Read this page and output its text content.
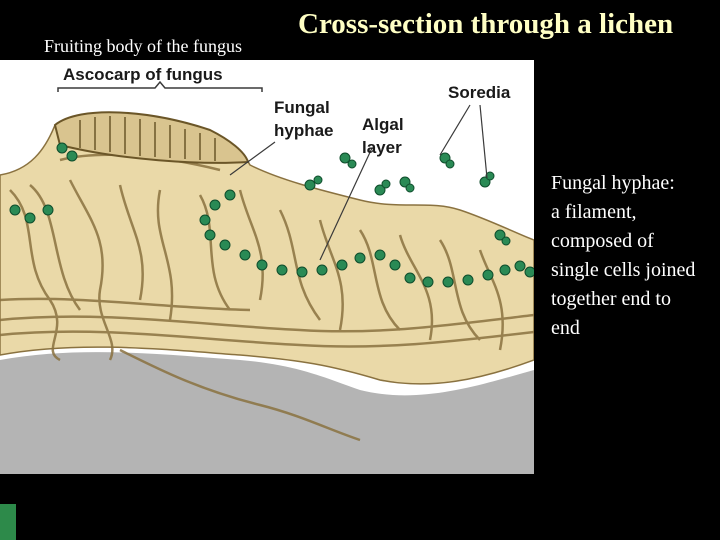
Cross-section through a lichen
Fruiting body of the fungus
Ascocarp of fungus
Fungal
hyphae Algal
layer
Soredia
Fungal hyphae:
a filament,
composed of
single cells joined
together end to
end
